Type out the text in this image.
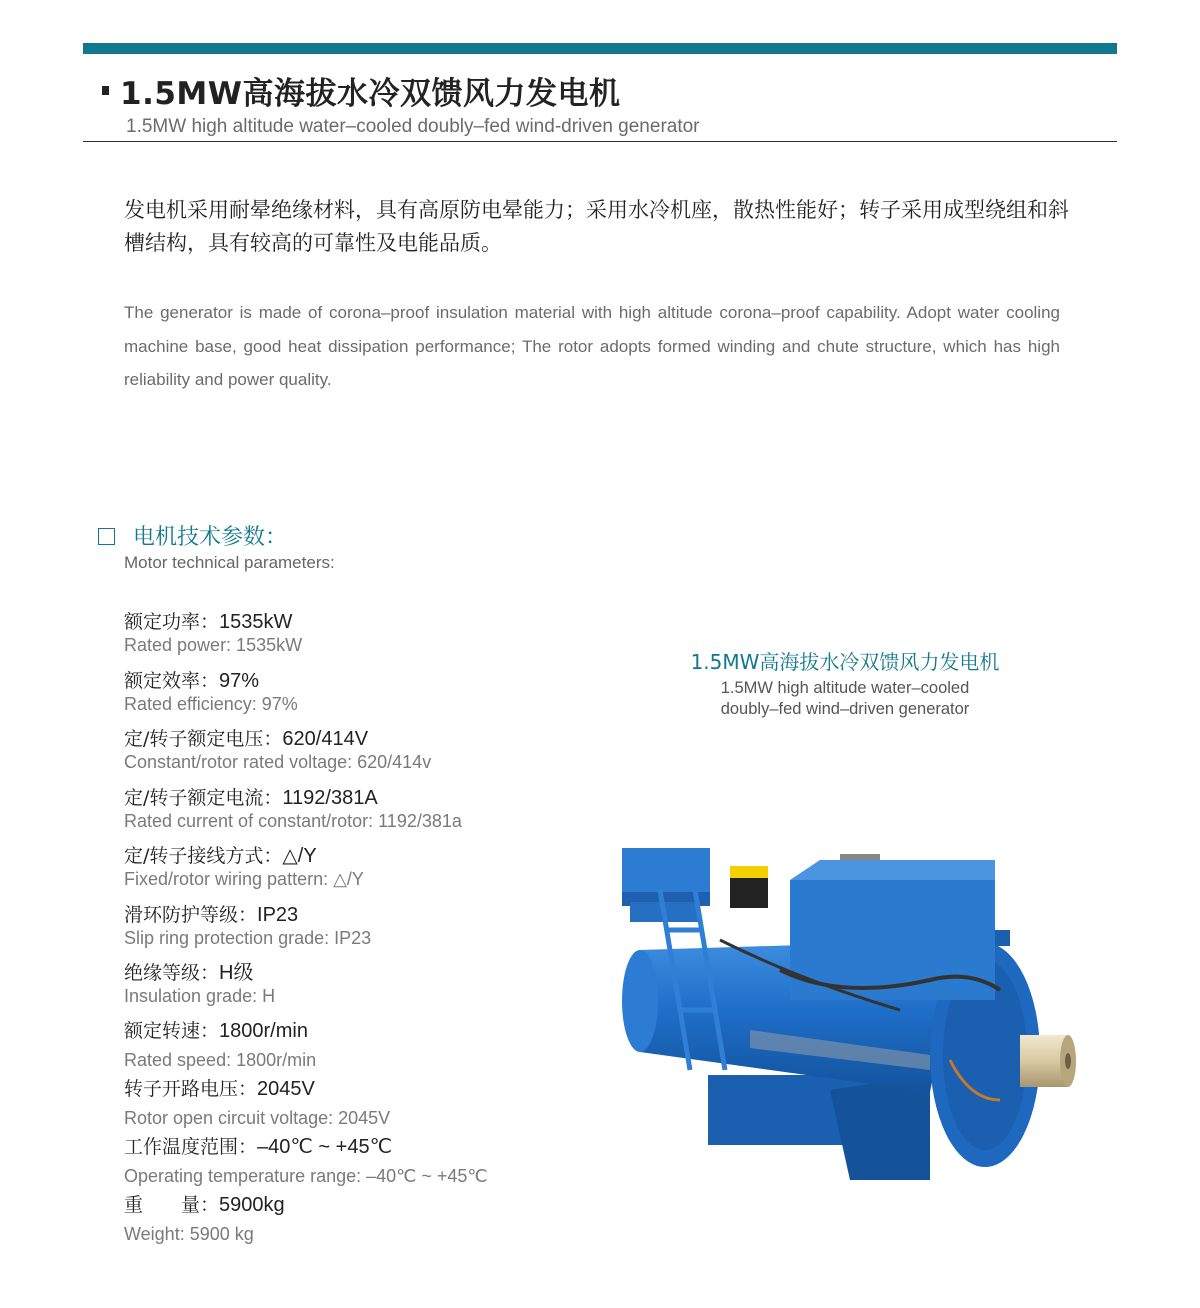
1.5MW高海拔水冷双馈风力发电机
1.5MW high altitude water–cooled doubly–fed wind-driven generator

发电机采用耐晕绝缘材料，具有高原防电晕能力；采用水冷机座，散热性能好；转子采用成型绕组和斜槽结构，具有较高的可靠性及电能品质。

The generator is made of corona–proof insulation material with high altitude corona–proof capability. Adopt water cooling machine base, good heat dissipation performance; The rotor adopts formed winding and chute structure, which has high reliability and power quality.

电机技术参数：
Motor technical parameters:
额定功率：1535kW
Rated power: 1535kW
额定效率：97%
Rated efficiency: 97%
定/转子额定电压：620/414V
Constant/rotor rated voltage: 620/414v
定/转子额定电流：1192/381A
Rated current of constant/rotor: 1192/381a
定/转子接线方式：△/Y
Fixed/rotor wiring pattern: △/Y
滑环防护等级：IP23
Slip ring protection grade: IP23
绝缘等级：H级
Insulation grade: H
额定转速：1800r/min
Rated speed: 1800r/min
转子开路电压：2045V
Rotor open circuit voltage: 2045V
工作温度范围：–40℃ ~ +45℃
Operating temperature range: –40℃ ~ +45℃
重　　量：5900kg
Weight: 5900 kg
1.5MW高海拔水冷双馈风力发电机
1.5MW high altitude water–cooled
doubly–fed wind–driven generator
